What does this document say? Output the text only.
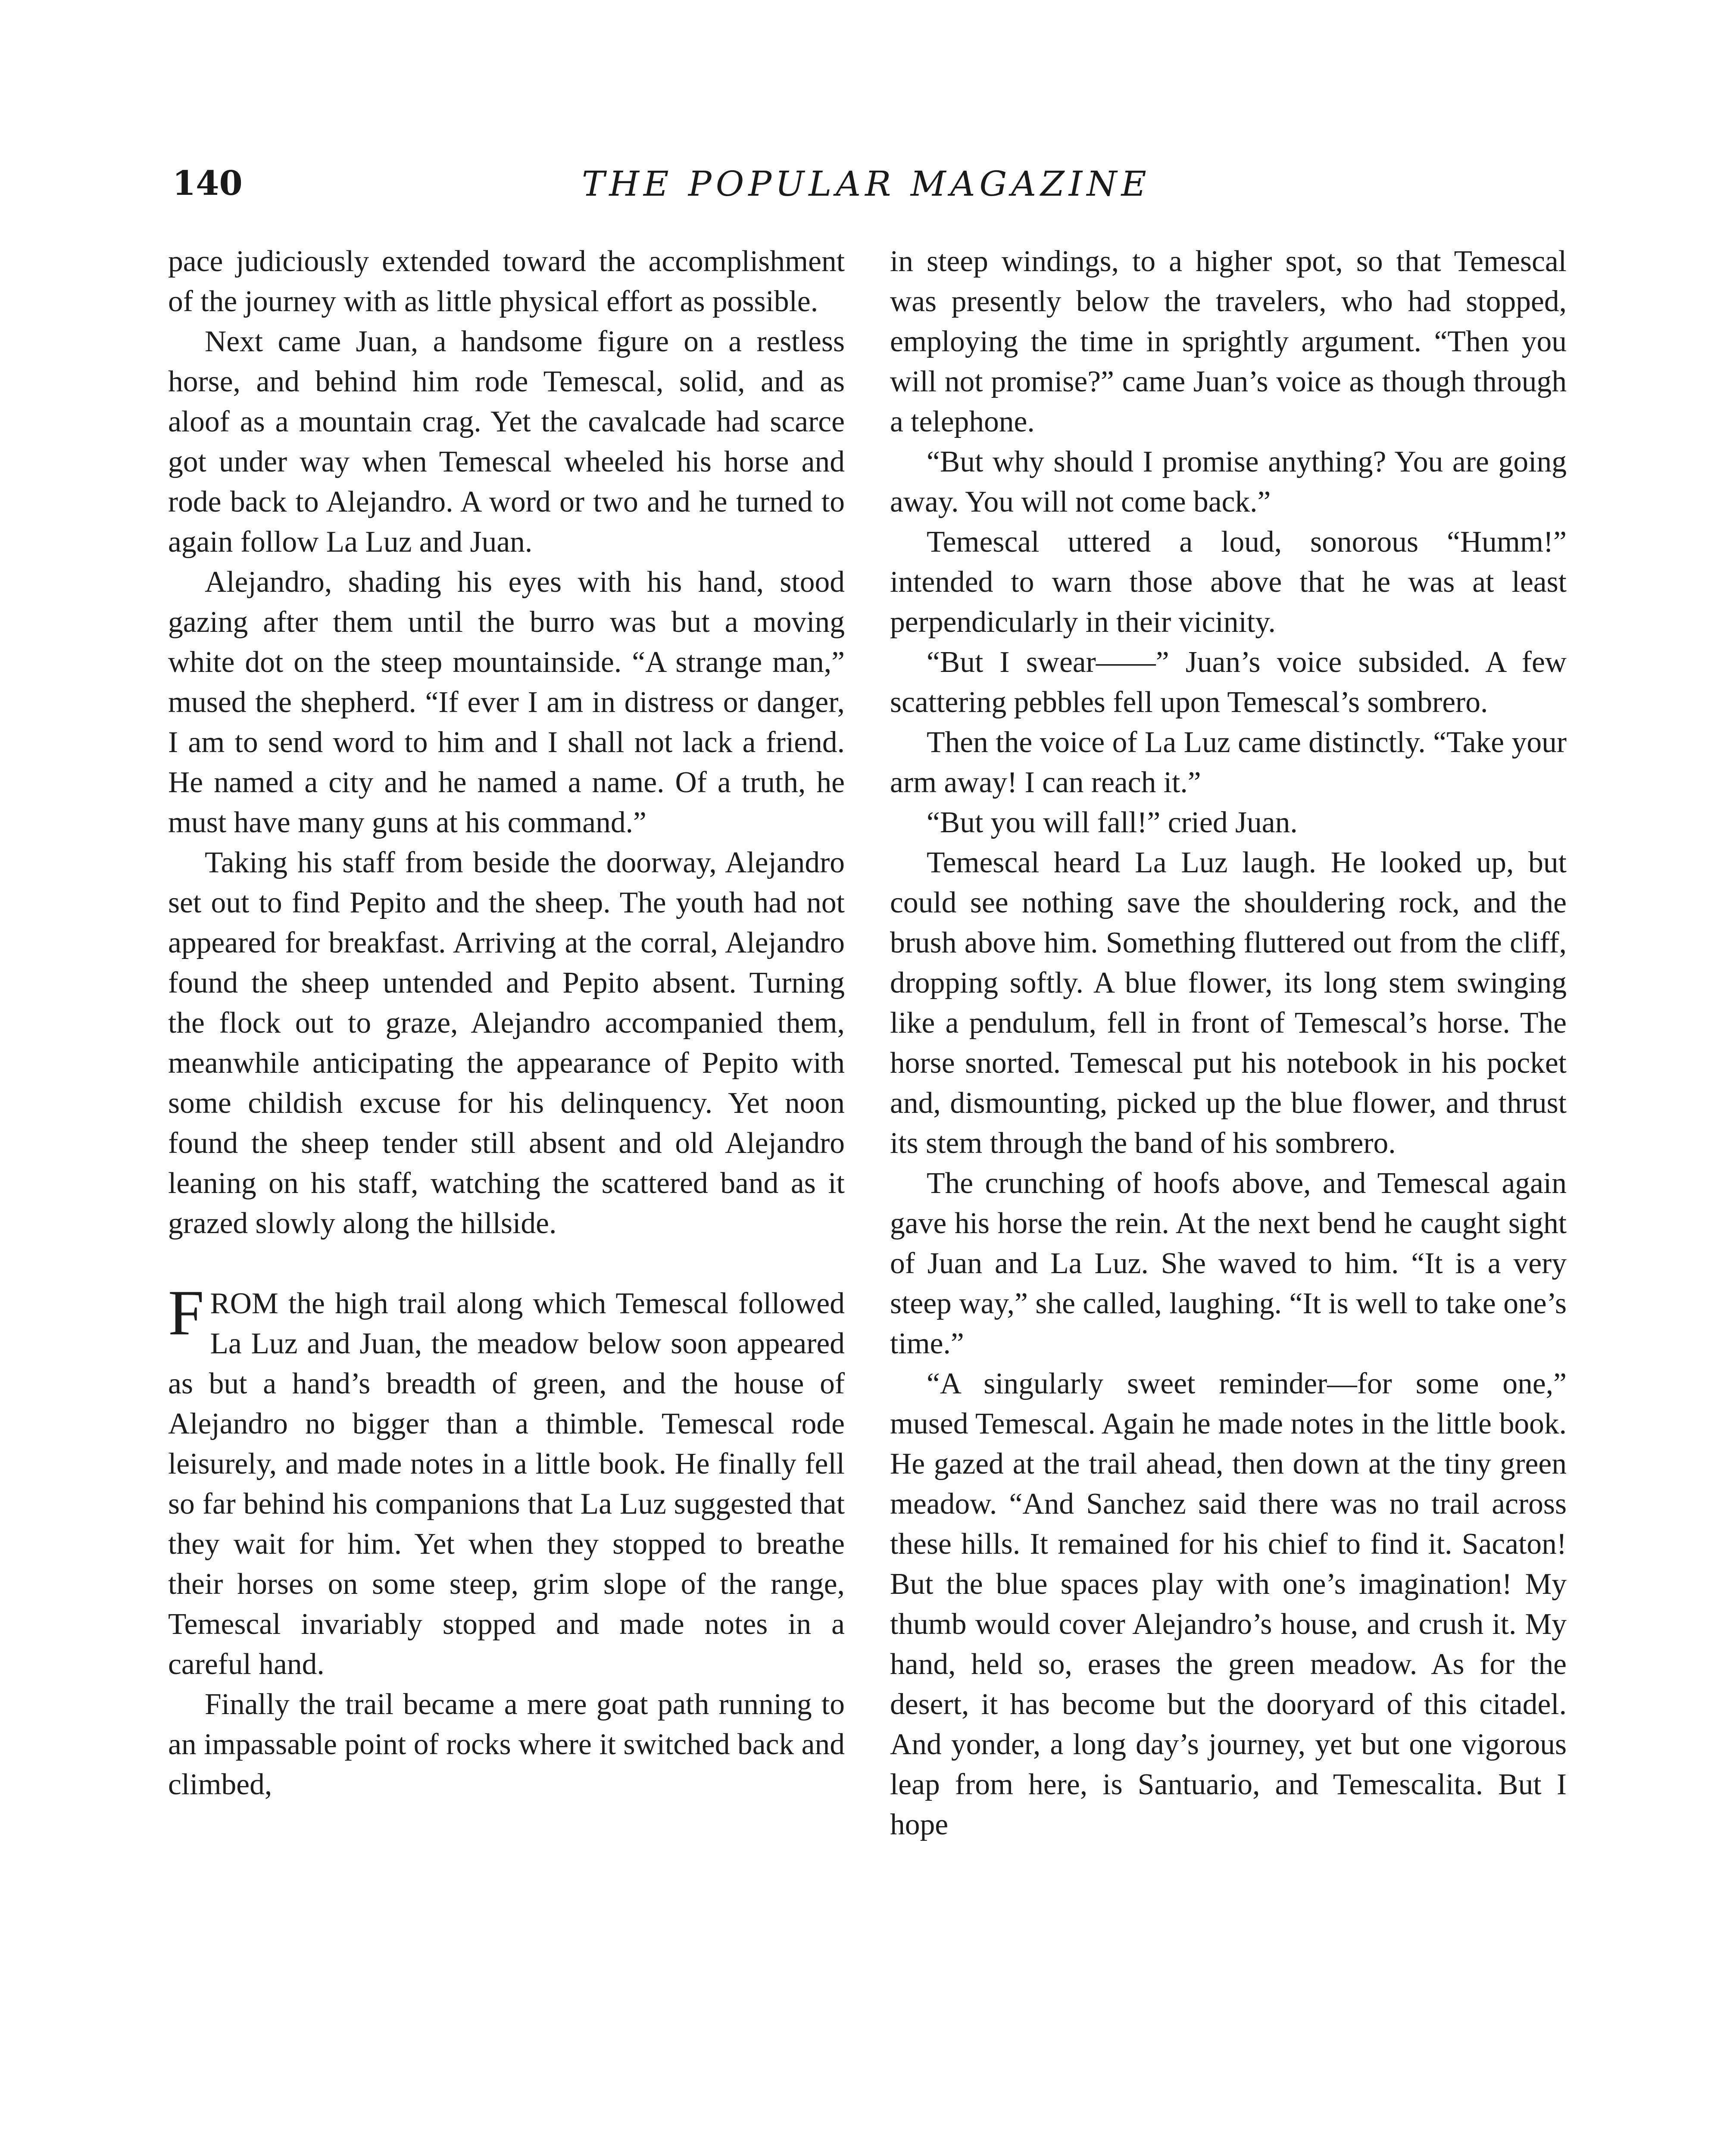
140	THE POPULAR MAGAZINE

pace judiciously extended toward the accomplishment of the journey with as little physical effort as possible.

Next came Juan, a handsome figure on a restless horse, and behind him rode Temescal, solid, and as aloof as a mountain crag. Yet the cavalcade had scarce got under way when Temescal wheeled his horse and rode back to Alejandro. A word or two and he turned to again follow La Luz and Juan.

Alejandro, shading his eyes with his hand, stood gazing after them until the burro was but a moving white dot on the steep mountainside. “A strange man,” mused the shepherd. “If ever I am in distress or danger, I am to send word to him and I shall not lack a friend. He named a city and he named a name. Of a truth, he must have many guns at his command.”

Taking his staff from beside the doorway, Alejandro set out to find Pepito and the sheep. The youth had not appeared for breakfast. Arriving at the corral, Alejandro found the sheep untended and Pepito absent. Turning the flock out to graze, Alejandro accompanied them, meanwhile anticipating the appearance of Pepito with some childish excuse for his delinquency. Yet noon found the sheep tender still absent and old Alejandro leaning on his staff, watching the scattered band as it grazed slowly along the hillside.

FROM the high trail along which Temescal followed La Luz and Juan, the meadow below soon appeared as but a hand’s breadth of green, and the house of Alejandro no bigger than a thimble. Temescal rode leisurely, and made notes in a little book. He finally fell so far behind his companions that La Luz suggested that they wait for him. Yet when they stopped to breathe their horses on some steep, grim slope of the range, Temescal invariably stopped and made notes in a careful hand.

Finally the trail became a mere goat path running to an impassable point of rocks where it switched back and climbed,

in steep windings, to a higher spot, so that Temescal was presently below the travelers, who had stopped, employing the time in sprightly argument. “Then you will not promise?” came Juan’s voice as though through a telephone.

“But why should I promise anything? You are going away. You will not come back.”

Temescal uttered a loud, sonorous “Humm!” intended to warn those above that he was at least perpendicularly in their vicinity.

“But I swear——” Juan’s voice subsided. A few scattering pebbles fell upon Temescal’s sombrero.

Then the voice of La Luz came distinctly. “Take your arm away! I can reach it.”

“But you will fall!” cried Juan.

Temescal heard La Luz laugh. He looked up, but could see nothing save the shouldering rock, and the brush above him. Something fluttered out from the cliff, dropping softly. A blue flower, its long stem swinging like a pendulum, fell in front of Temescal’s horse. The horse snorted. Temescal put his notebook in his pocket and, dismounting, picked up the blue flower, and thrust its stem through the band of his sombrero.

The crunching of hoofs above, and Temescal again gave his horse the rein. At the next bend he caught sight of Juan and La Luz. She waved to him. “It is a very steep way,” she called, laughing. “It is well to take one’s time.”

“A singularly sweet reminder—for some one,” mused Temescal. Again he made notes in the little book. He gazed at the trail ahead, then down at the tiny green meadow. “And Sanchez said there was no trail across these hills. It remained for his chief to find it. Sacaton! But the blue spaces play with one’s imagination! My thumb would cover Alejandro’s house, and crush it. My hand, held so, erases the green meadow. As for the desert, it has become but the dooryard of this citadel. And yonder, a long day’s journey, yet but one vigorous leap from here, is Santuario, and Temescalita. But I hope
